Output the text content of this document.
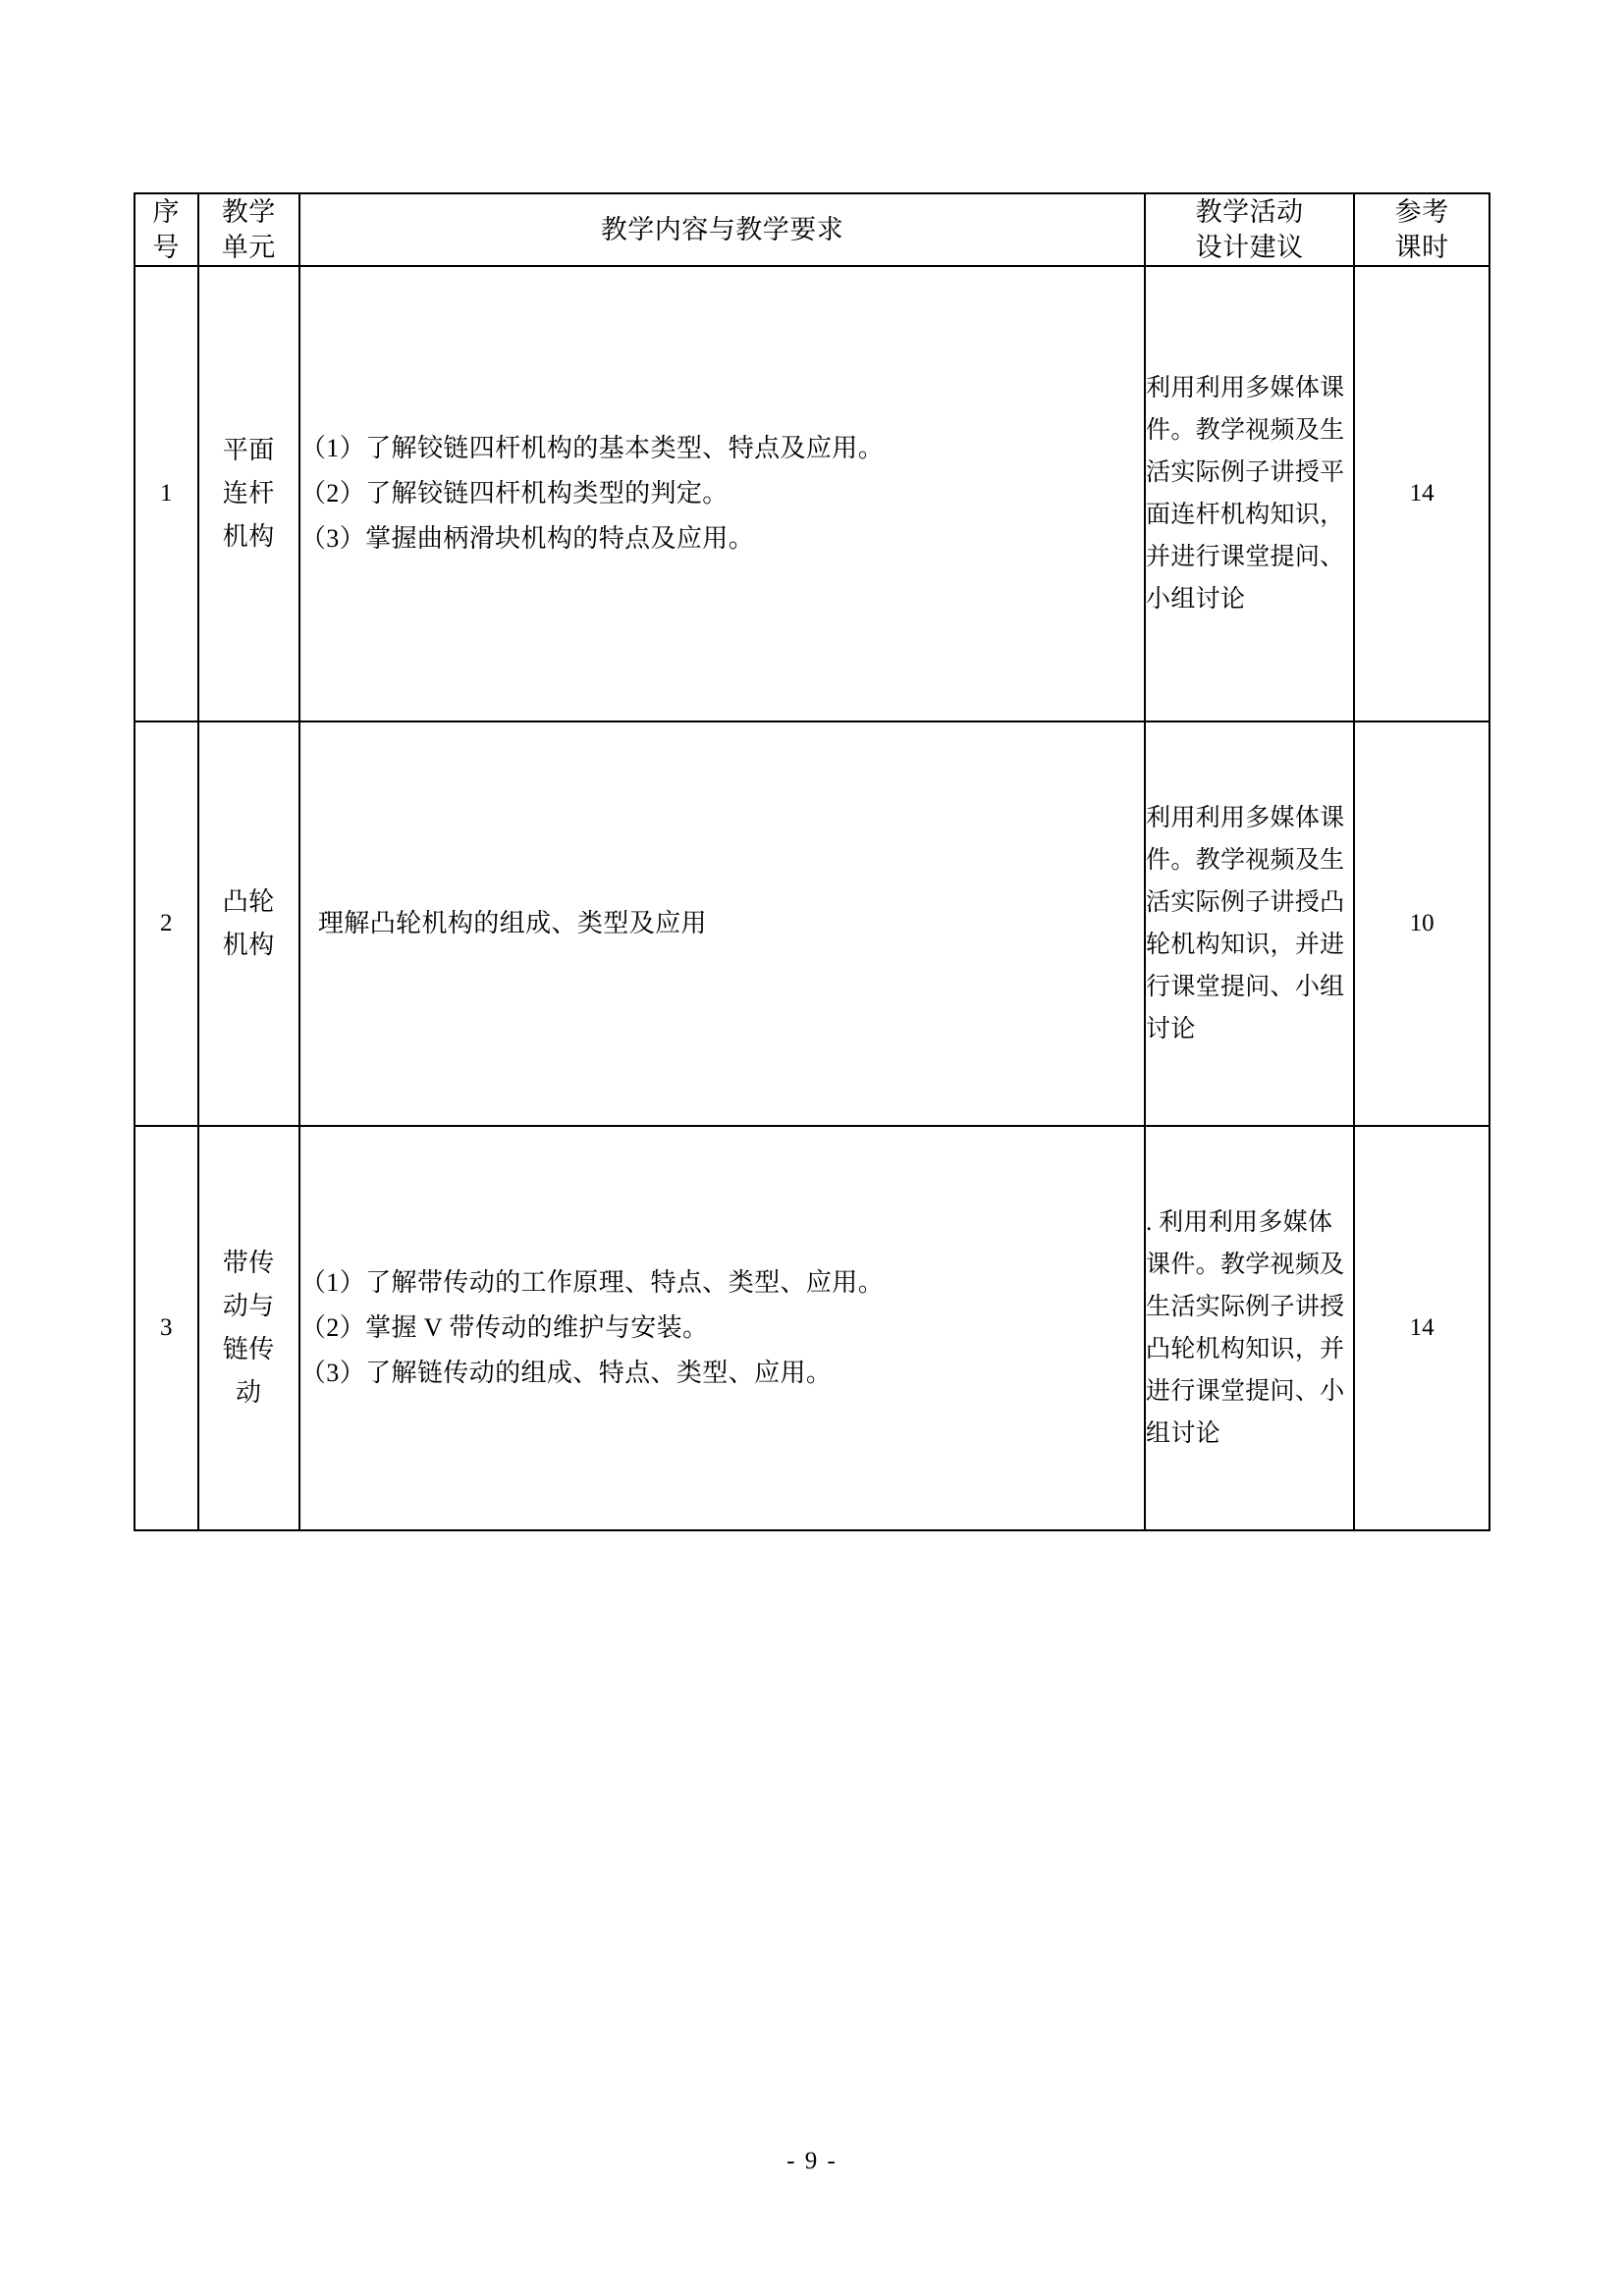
序
号	教学
单元	教学内容与教学要求	教学活动
设计建议	参考
课时

1	平面
连杆
机构	（1）了解铰链四杆机构的基本类型、特点及应用。
（2）了解铰链四杆机构类型的判定。
（3）掌握曲柄滑块机构的特点及应用。	利用利用多媒体课件。教学视频及生活实际例子讲授平面连杆机构知识，并进行课堂提问、小组讨论	14
2	凸轮
机构	理解凸轮机构的组成、类型及应用	利用利用多媒体课件。教学视频及生活实际例子讲授凸轮机构知识，并进行课堂提问、小组讨论	10
3	带传
动与
链传
动	（1）了解带传动的工作原理、特点、类型、应用。
（2）掌握 V 带传动的维护与安装。
（3）了解链传动的组成、特点、类型、应用。	. 利用利用多媒体课件。教学视频及生活实际例子讲授凸轮机构知识，并进行课堂提问、小组讨论	14
- 9 -
